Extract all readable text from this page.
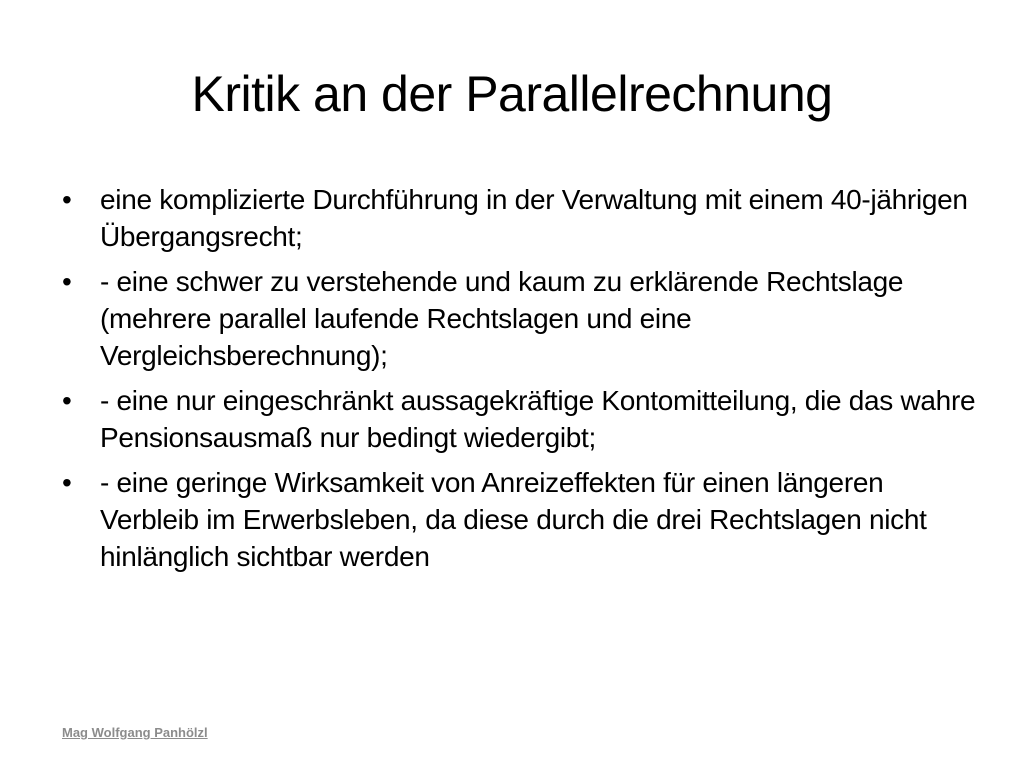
Kritik an der Parallelrechnung
•	eine komplizierte Durchführung in der Verwaltung mit einem 40-jährigen Übergangsrecht;
•	- eine schwer zu verstehende und kaum zu erklärende Rechtslage (mehrere parallel laufende Rechtslagen und eine Vergleichsberechnung);
•	- eine nur eingeschränkt aussagekräftige Kontomitteilung, die das wahre Pensionsausmaß nur bedingt wiedergibt;
•	- eine geringe Wirksamkeit von Anreizeffekten für einen längeren Verbleib im Erwerbsleben, da diese durch die drei Rechtslagen nicht hinlänglich sichtbar werden
Mag Wolfgang Panhölzl
